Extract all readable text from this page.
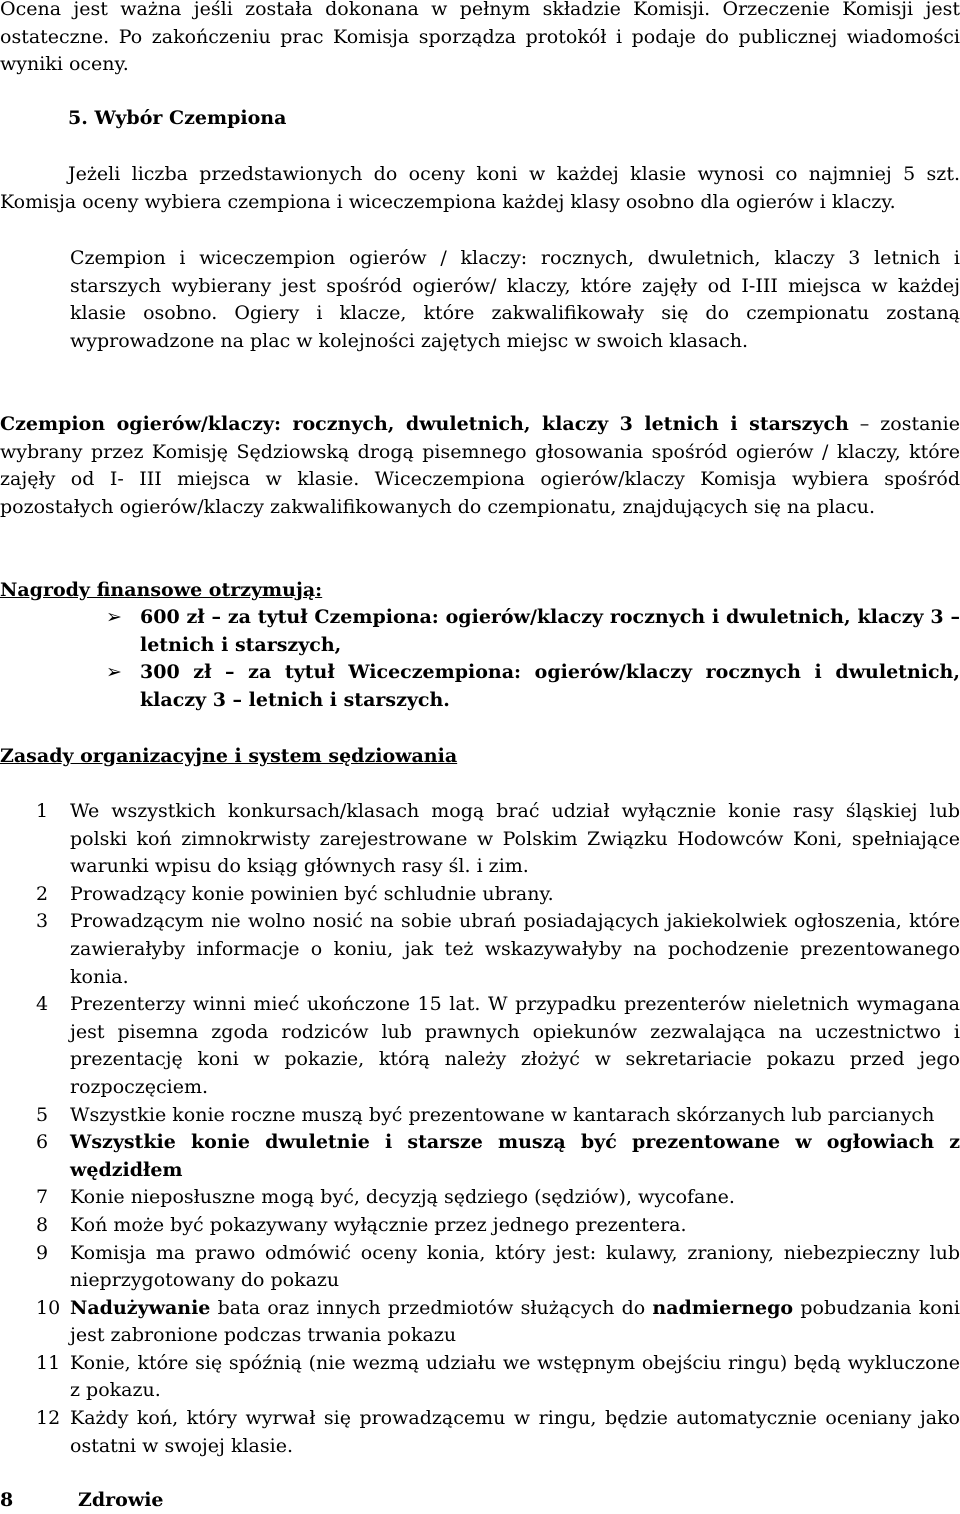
Ocena jest ważna jeśli została dokonana w pełnym składzie Komisji. Orzeczenie Komisji jest ostateczne. Po zakończeniu prac Komisja sporządza protokół i podaje do publicznej wiadomości wyniki oceny.

5. Wybór Czempiona

Jeżeli liczba przedstawionych do oceny koni w każdej klasie wynosi co najmniej 5 szt. Komisja oceny wybiera czempiona i wiceczempiona każdej klasy osobno dla ogierów i klaczy.

Czempion i wiceczempion ogierów / klaczy: rocznych, dwuletnich, klaczy 3 letnich i starszych wybierany jest spośród ogierów/ klaczy, które zajęły od I-III miejsca w każdej klasie osobno. Ogiery i klacze, które zakwalifikowały się do czempionatu zostaną wyprowadzone na plac w kolejności zajętych miejsc w swoich klasach.

Czempion ogierów/klaczy: rocznych, dwuletnich, klaczy 3 letnich i starszych – zostanie wybrany przez Komisję Sędziowską drogą pisemnego głosowania spośród ogierów / klaczy, które zajęły od I- III miejsca w klasie. Wiceczempiona ogierów/klaczy Komisja wybiera spośród pozostałych ogierów/klaczy zakwalifikowanych do czempionatu, znajdujących się na placu.

Nagrody finansowe otrzymują:

➢ 600 zł – za tytuł Czempiona: ogierów/klaczy rocznych i dwuletnich, klaczy 3 – letnich i starszych,
➢ 300 zł – za tytuł Wiceczempiona: ogierów/klaczy rocznych i dwuletnich, klaczy 3 – letnich i starszych.

Zasady organizacyjne i system sędziowania

1 We wszystkich konkursach/klasach mogą brać udział wyłącznie konie rasy śląskiej lub polski koń zimnokrwisty zarejestrowane w Polskim Związku Hodowców Koni, spełniające warunki wpisu do ksiąg głównych rasy śl. i zim.
2 Prowadzący konie powinien być schludnie ubrany.
3 Prowadzącym nie wolno nosić na sobie ubrań posiadających jakiekolwiek ogłoszenia, które zawierałyby informacje o koniu, jak też wskazywałyby na pochodzenie prezentowanego konia.
4 Prezenterzy winni mieć ukończone 15 lat. W przypadku prezenterów nieletnich wymagana jest pisemna zgoda rodziców lub prawnych opiekunów zezwalająca na uczestnictwo i prezentację koni w pokazie, którą należy złożyć w sekretariacie pokazu przed jego rozpoczęciem.
5 Wszystkie konie roczne muszą być prezentowane w kantarach skórzanych lub parcianych
6 Wszystkie konie dwuletnie i starsze muszą być prezentowane w ogłowiach z wędzidłem
7 Konie nieposłuszne mogą być, decyzją sędziego (sędziów), wycofane.
8 Koń może być pokazywany wyłącznie przez jednego prezentera.
9 Komisja ma prawo odmówić oceny konia, który jest: kulawy, zraniony, niebezpieczny lub nieprzygotowany do pokazu
10 Nadużywanie bata oraz innych przedmiotów służących do nadmiernego pobudzania koni jest zabronione podczas trwania pokazu
11 Konie, które się spóźnią (nie wezmą udziału we wstępnym obejściu ringu) będą wykluczone z pokazu.
12 Każdy koń, który wyrwał się prowadzącemu w ringu, będzie automatycznie oceniany jako ostatni w swojej klasie.
8	Zdrowie
